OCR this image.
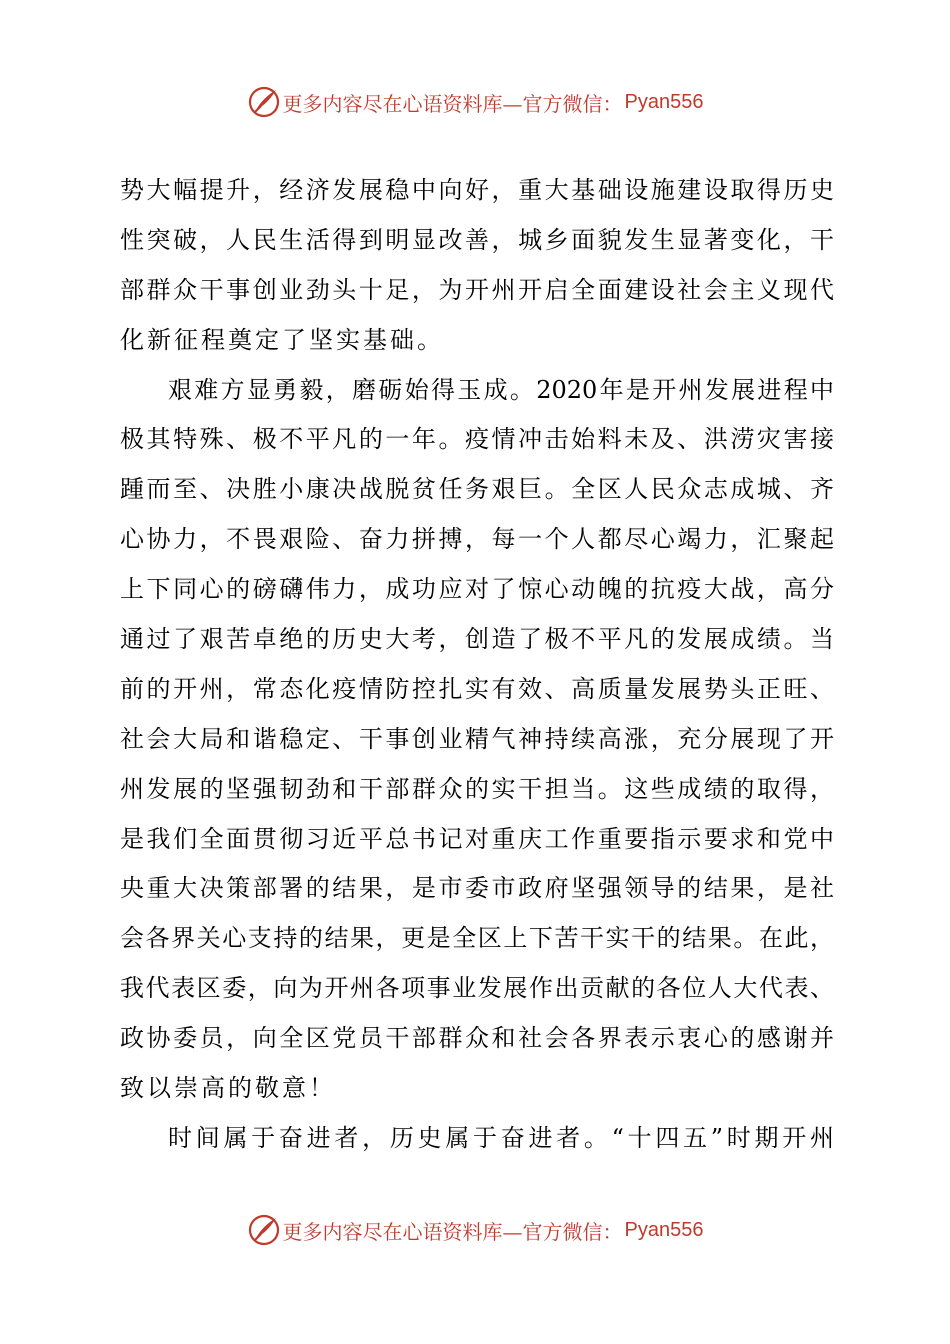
更多内容尽在心语资料库—官方微信： Pyan556
势大幅提升，经济发展稳中向好，重大基础设施建设取得历史
性突破，人民生活得到明显改善，城乡面貌发生显著变化，干
部群众干事创业劲头十足，为开州开启全面建设社会主义现代
化新征程奠定了坚实基础。
艰难方显勇毅，磨砺始得玉成。2020年是开州发展进程中
极其特殊、极不平凡的一年。疫情冲击始料未及、洪涝灾害接
踵而至、决胜小康决战脱贫任务艰巨。全区人民众志成城、齐
心协力，不畏艰险、奋力拼搏，每一个人都尽心竭力，汇聚起
上下同心的磅礴伟力，成功应对了惊心动魄的抗疫大战，高分
通过了艰苦卓绝的历史大考，创造了极不平凡的发展成绩。当
前的开州，常态化疫情防控扎实有效、高质量发展势头正旺、
社会大局和谐稳定、干事创业精气神持续高涨，充分展现了开
州发展的坚强韧劲和干部群众的实干担当。这些成绩的取得，
是我们全面贯彻习近平总书记对重庆工作重要指示要求和党中
央重大决策部署的结果，是市委市政府坚强领导的结果，是社
会各界关心支持的结果，更是全区上下苦干实干的结果。在此，
我代表区委，向为开州各项事业发展作出贡献的各位人大代表、
政协委员，向全区党员干部群众和社会各界表示衷心的感谢并
致以崇高的敬意！
时间属于奋进者，历史属于奋进者。“十四五”时期开州
更多内容尽在心语资料库—官方微信： Pyan556
